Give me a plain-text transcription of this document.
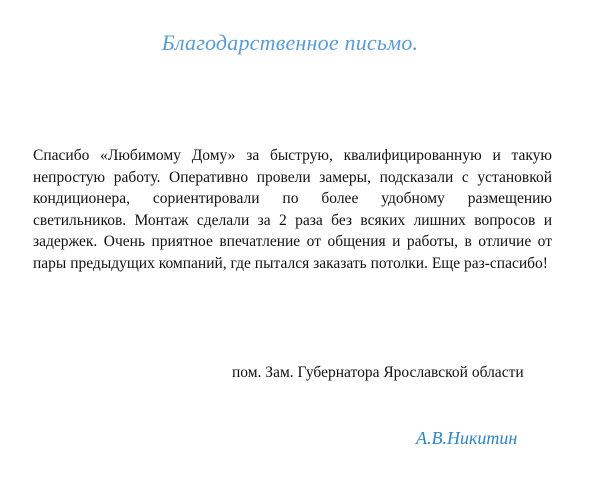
Благодарственное письмо.

Спасибо «Любимому Дому» за быструю, квалифицированную и такую непростую работу. Оперативно провели замеры, подсказали с установкой кондиционера, сориентировали по более удобному размещению светильников. Монтаж сделали за 2 раза без всяких лишних вопросов и задержек. Очень приятное впечатление от общения и работы, в отличие от пары предыдущих компаний, где пытался заказать потолки. Еще раз-спасибо!

пом. Зам. Губернатора Ярославской области
А.В.Никитин
